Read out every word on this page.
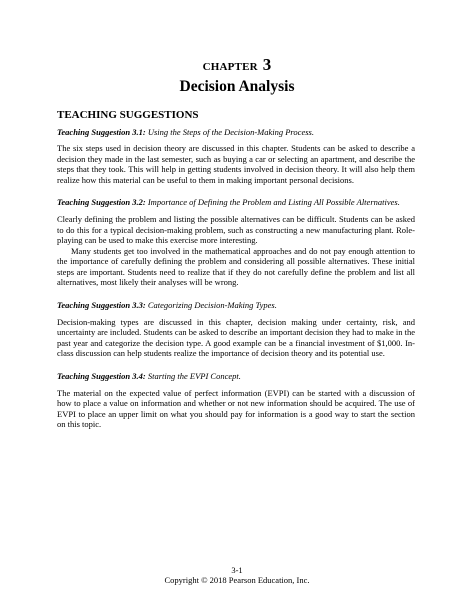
CHAPTER 3
Decision Analysis
TEACHING SUGGESTIONS
Teaching Suggestion 3.1: Using the Steps of the Decision-Making Process.

The six steps used in decision theory are discussed in this chapter. Students can be asked to describe a decision they made in the last semester, such as buying a car or selecting an apartment, and describe the steps that they took. This will help in getting students involved in decision theory. It will also help them realize how this material can be useful to them in making important personal decisions.

Teaching Suggestion 3.2: Importance of Defining the Problem and Listing All Possible Alternatives.

Clearly defining the problem and listing the possible alternatives can be difficult. Students can be asked to do this for a typical decision-making problem, such as constructing a new manufacturing plant. Role-playing can be used to make this exercise more interesting.

Many students get too involved in the mathematical approaches and do not pay enough attention to the importance of carefully defining the problem and considering all possible alternatives. These initial steps are important. Students need to realize that if they do not carefully define the problem and list all alternatives, most likely their analyses will be wrong.

Teaching Suggestion 3.3: Categorizing Decision-Making Types.

Decision-making types are discussed in this chapter, decision making under certainty, risk, and uncertainty are included. Students can be asked to describe an important decision they had to make in the past year and categorize the decision type. A good example can be a financial investment of $1,000. In-class discussion can help students realize the importance of decision theory and its potential use.

Teaching Suggestion 3.4: Starting the EVPI Concept.

The material on the expected value of perfect information (EVPI) can be started with a discussion of how to place a value on information and whether or not new information should be acquired. The use of EVPI to place an upper limit on what you should pay for information is a good way to start the section on this topic.

3-1
Copyright © 2018 Pearson Education, Inc.
